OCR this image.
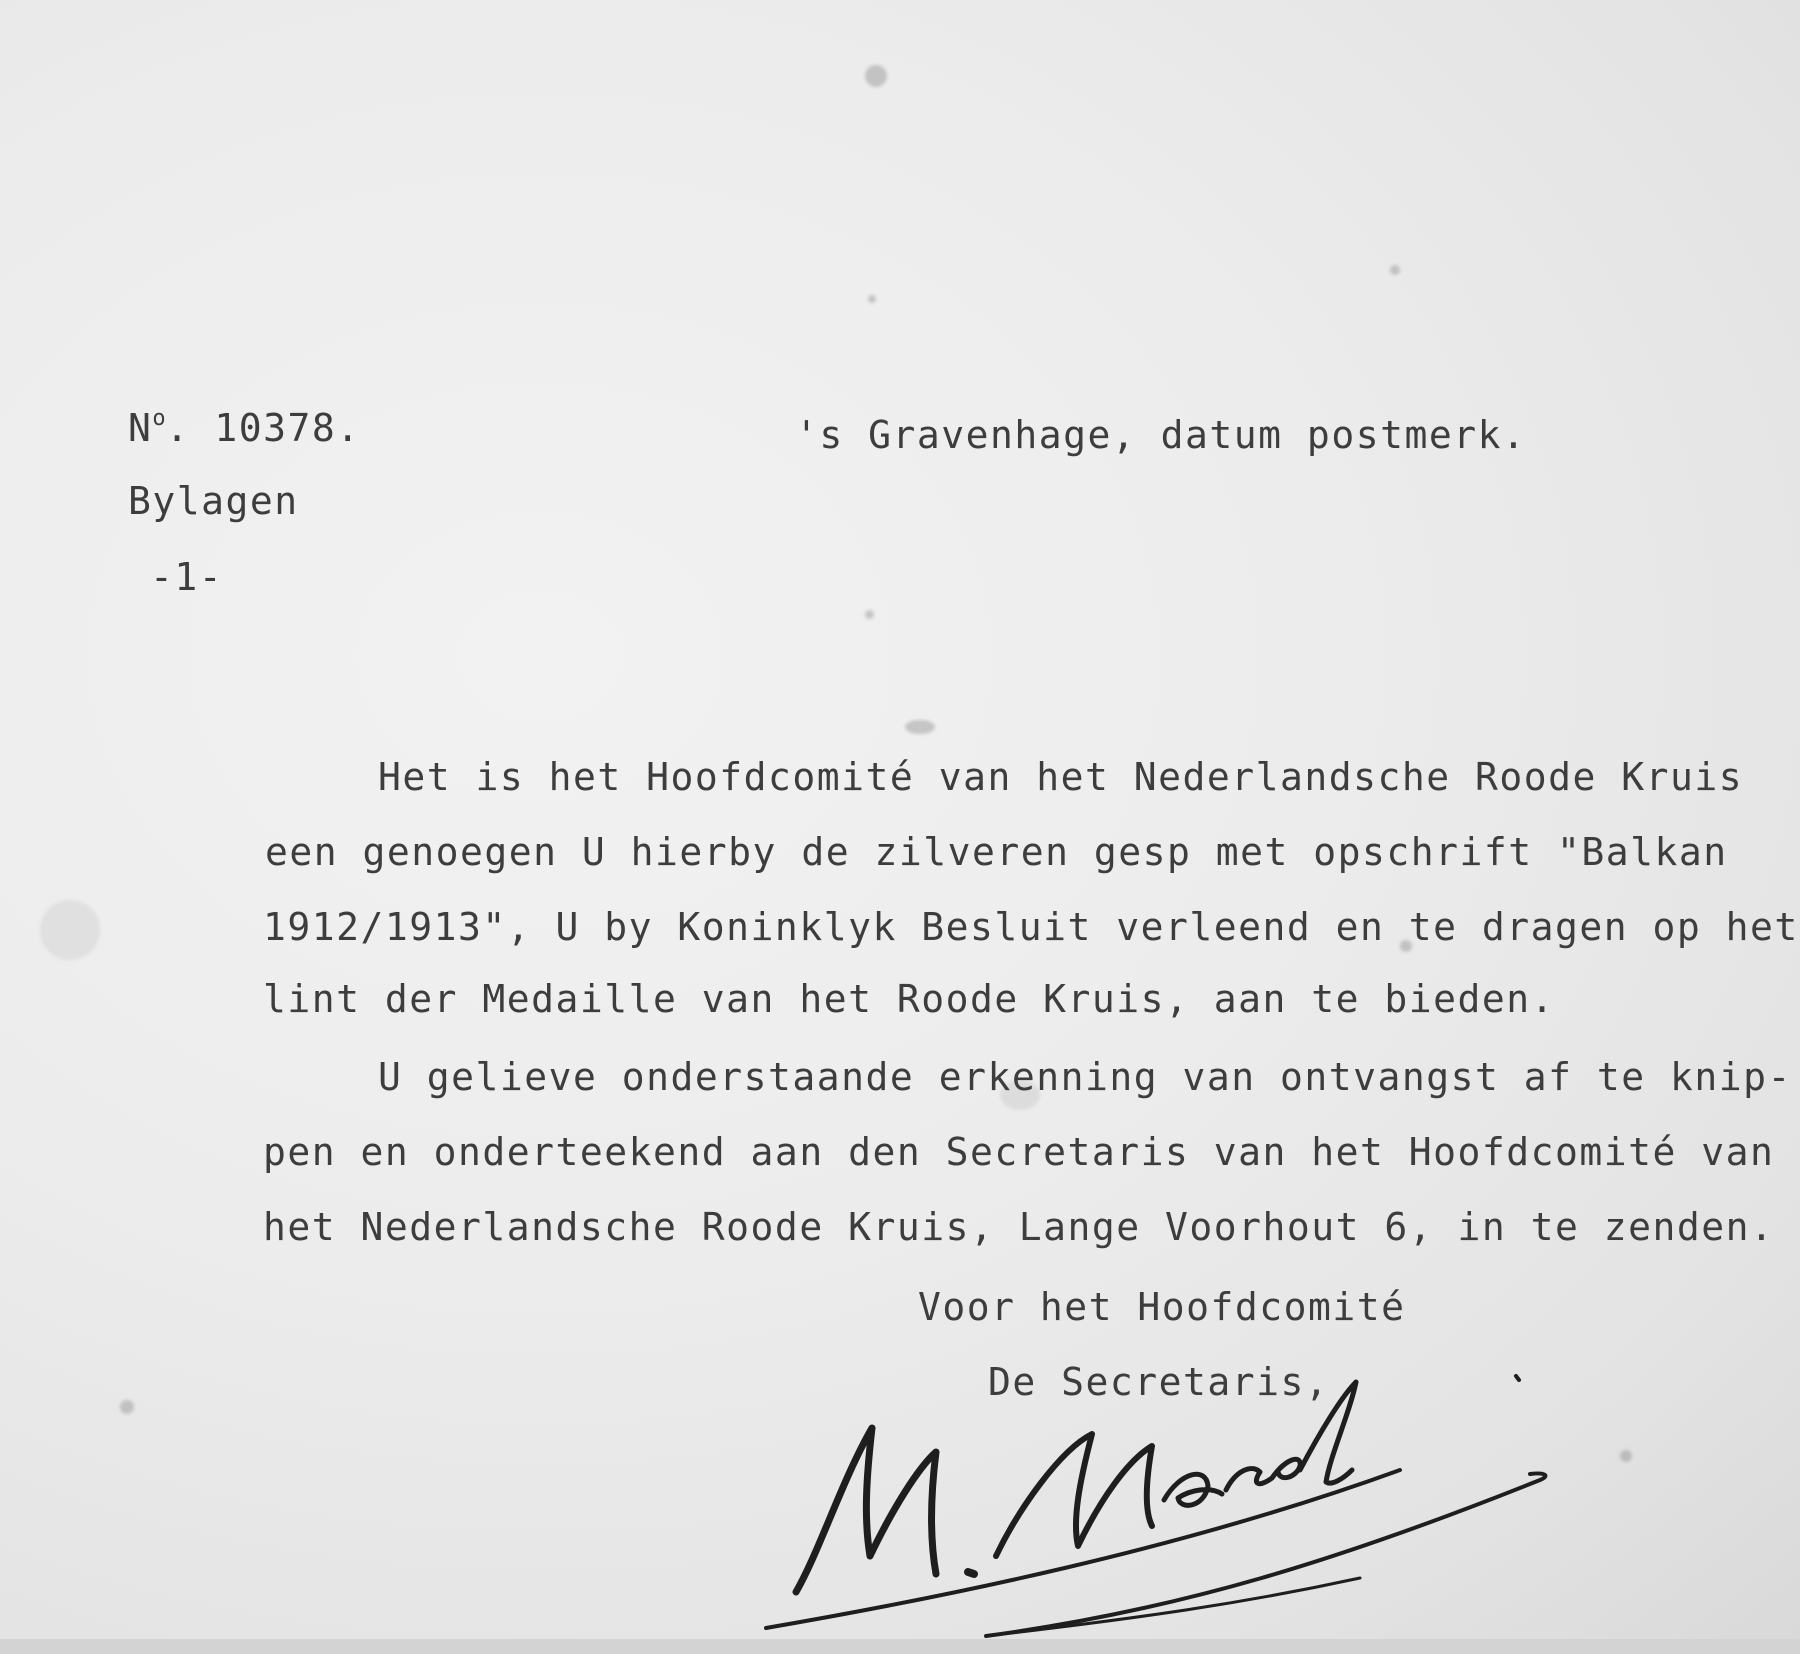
$N^o$. 10378.	's Gravenhage, datum postmerk.
Bylagen
-1-
Het is het Hoofdcomité van het Nederlandsche Roode Kruis
een genoegen U hierby de zilveren gesp met opschrift "Balkan
1912/1913", U by Koninklyk Besluit verleend en te dragen op het
lint der Medaille van het Roode Kruis, aan te bieden.
U gelieve onderstaande erkenning van ontvangst af te knip-
pen en onderteekend aan den Secretaris van het Hoofdcomité van
het Nederlandsche Roode Kruis, Lange Voorhout 6, in te zenden.
Voor het Hoofdcomité
De Secretaris,
